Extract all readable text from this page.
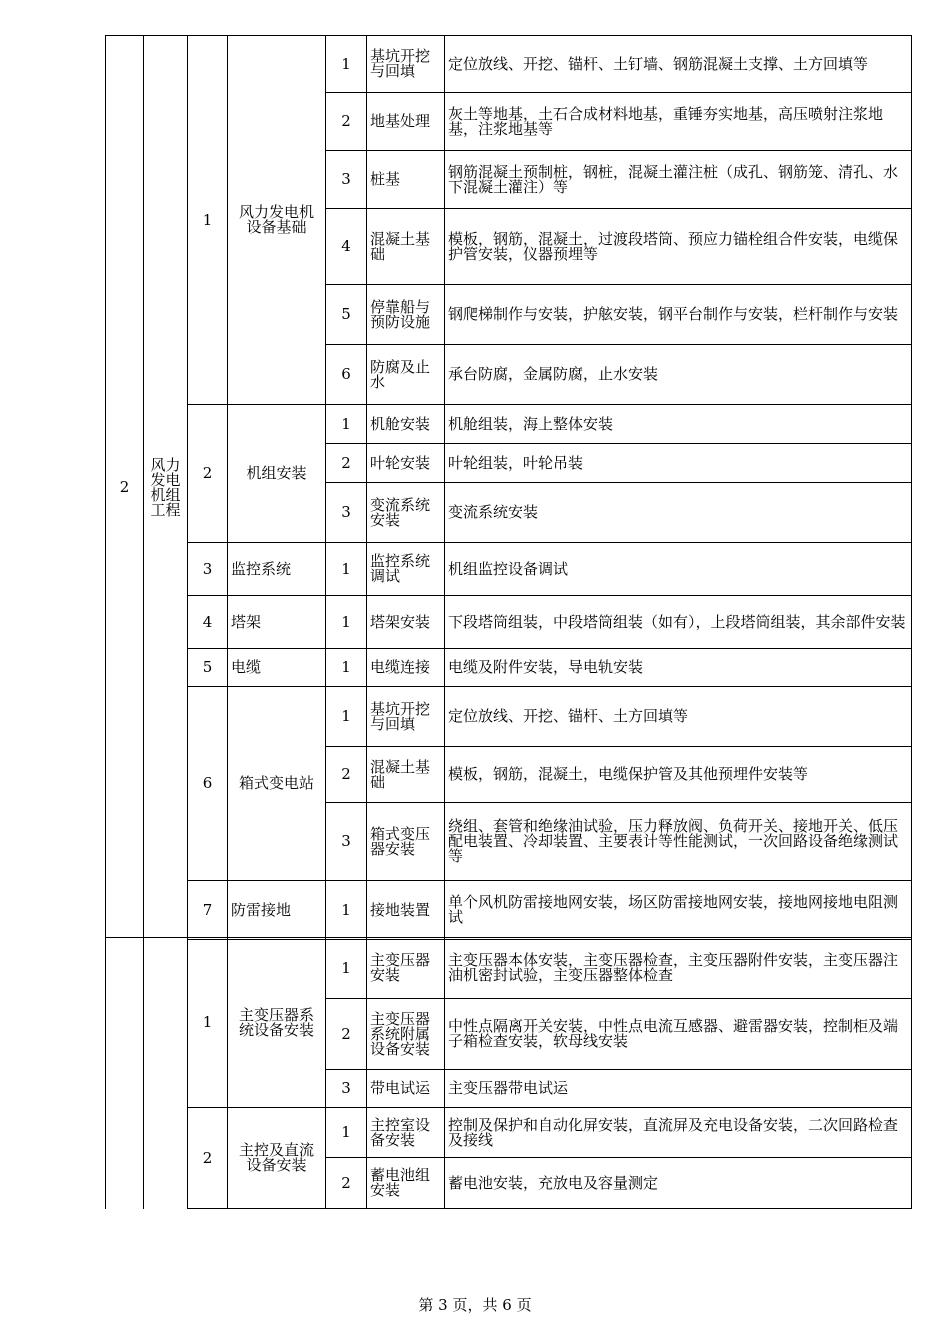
2	风力发电机组工程	1	风力发电机设备基础	1	基坑开挖与回填	定位放线、开挖、锚杆、土钉墙、钢筋混凝土支撑、土方回填等
				2	地基处理	灰土等地基，土石合成材料地基，重锤夯实地基，高压喷射注浆地基，注浆地基等
				3	桩基	钢筋混凝土预制桩，钢桩，混凝土灌注桩（成孔、钢筋笼、清孔、水下混凝土灌注）等
				4	混凝土基础	模板，钢筋，混凝土，过渡段塔筒、预应力锚栓组合件安装，电缆保护管安装，仪器预埋等
				5	停靠船与预防设施	钢爬梯制作与安装，护舷安装，钢平台制作与安装，栏杆制作与安装
				6	防腐及止水	承台防腐，金属防腐，止水安装
		2	机组安装	1	机舱安装	机舱组装，海上整体安装
				2	叶轮安装	叶轮组装，叶轮吊装
				3	变流系统安装	变流系统安装
		3	监控系统	1	监控系统调试	机组监控设备调试
		4	塔架	1	塔架安装	下段塔筒组装，中段塔筒组装（如有），上段塔筒组装，其余部件安装
		5	电缆	1	电缆连接	电缆及附件安装，导电轨安装
		6	箱式变电站	1	基坑开挖与回填	定位放线、开挖、锚杆、土方回填等
				2	混凝土基础	模板，钢筋，混凝土，电缆保护管及其他预埋件安装等
				3	箱式变压器安装	绕组、套管和绝缘油试验，压力释放阀、负荷开关、接地开关、低压配电装置、冷却装置、主要表计等性能测试，一次回路设备绝缘测试等
		7	防雷接地	1	接地装置	单个风机防雷接地网安装，场区防雷接地网安装，接地网接地电阻测试
		1	主变压器系统设备安装	1	主变压器安装	主变压器本体安装，主变压器检查，主变压器附件安装，主变压器注油机密封试验，主变压器整体检查
				2	主变压器系统附属设备安装	中性点隔离开关安装，中性点电流互感器、避雷器安装，控制柜及端子箱检查安装，软母线安装
				3	带电试运	主变压器带电试运
		2	主控及直流设备安装	1	主控室设备安装	控制及保护和自动化屏安装，直流屏及充电设备安装，二次回路检查及接线
				2	蓄电池组安装	蓄电池安装，充放电及容量测定
第 3 页，共 6 页
